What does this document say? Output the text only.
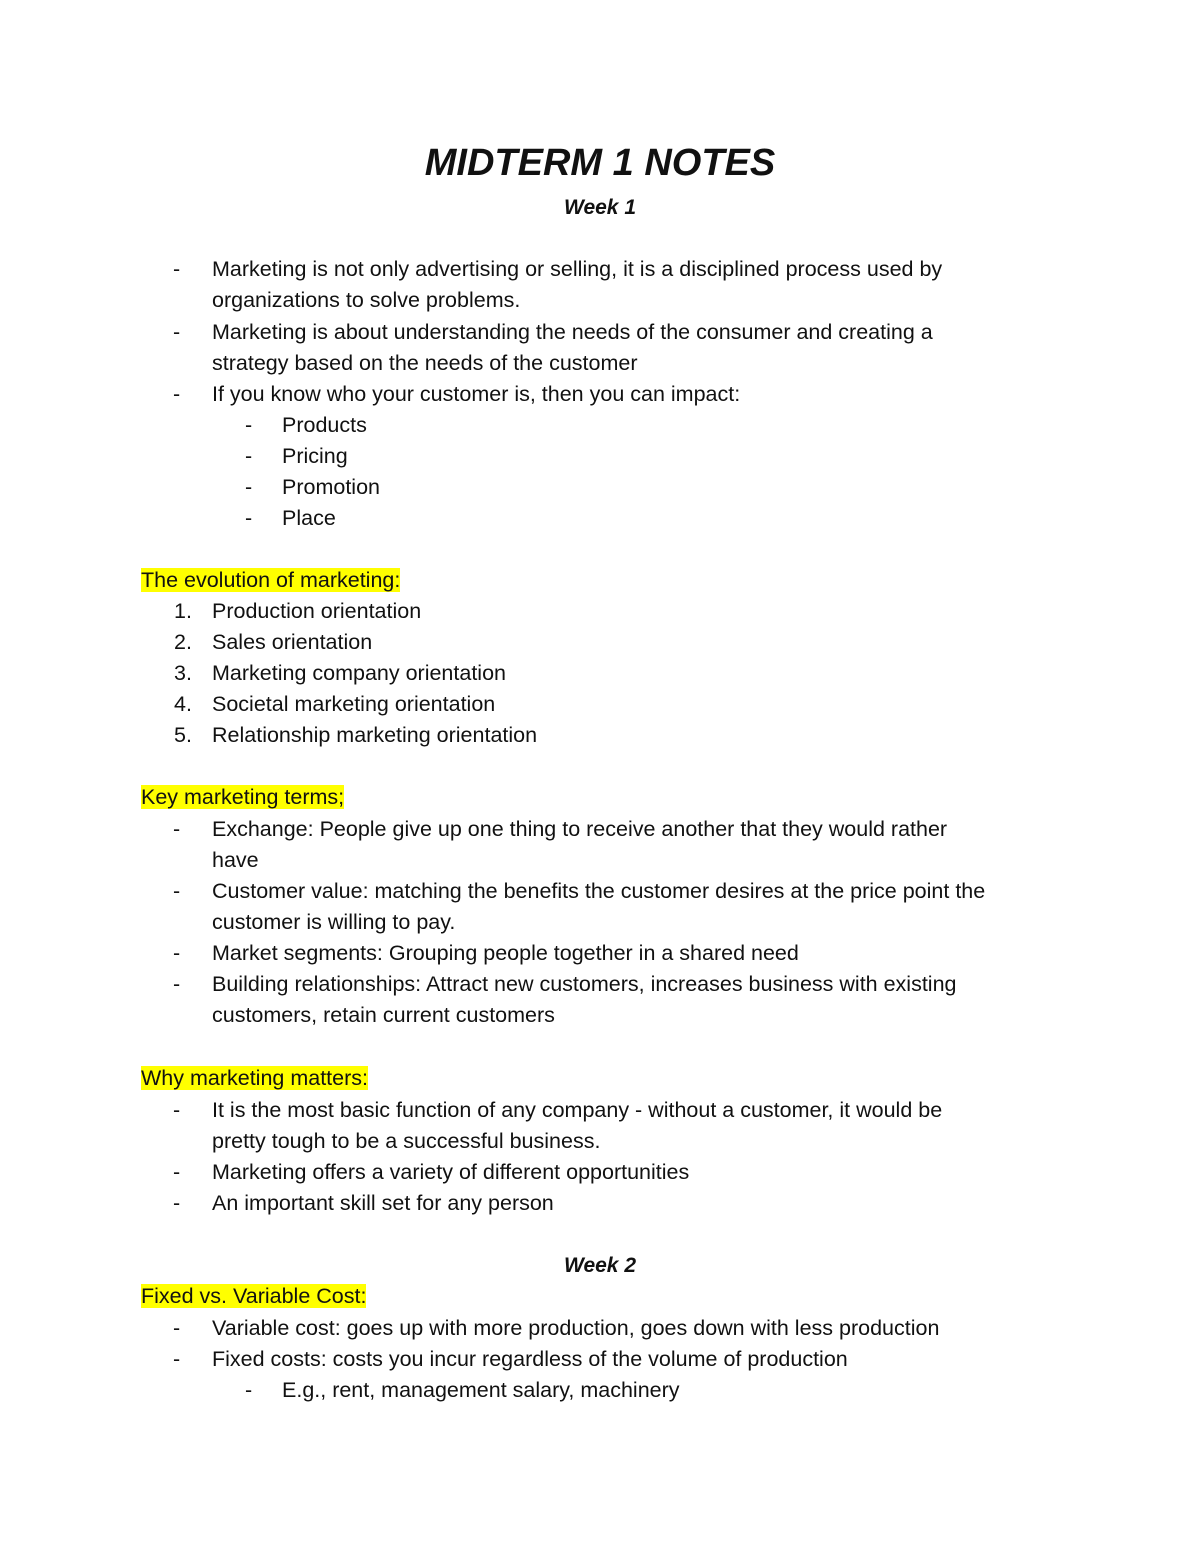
MIDTERM 1 NOTES
Week 1
- Marketing is not only advertising or selling, it is a disciplined process used by
organizations to solve problems.
- Marketing is about understanding the needs of the consumer and creating a
strategy based on the needs of the customer
- If you know who your customer is, then you can impact:
- Products
- Pricing
- Promotion
- Place
The evolution of marketing:
1. Production orientation
2. Sales orientation
3. Marketing company orientation
4. Societal marketing orientation
5. Relationship marketing orientation
Key marketing terms;
- Exchange: People give up one thing to receive another that they would rather
have
- Customer value: matching the benefits the customer desires at the price point the
customer is willing to pay.
- Market segments: Grouping people together in a shared need
- Building relationships: Attract new customers, increases business with existing
customers, retain current customers
Why marketing matters:
- It is the most basic function of any company - without a customer, it would be
pretty tough to be a successful business.
- Marketing offers a variety of different opportunities
- An important skill set for any person
Week 2
Fixed vs. Variable Cost:
- Variable cost: goes up with more production, goes down with less production
- Fixed costs: costs you incur regardless of the volume of production
- E.g., rent, management salary, machinery
